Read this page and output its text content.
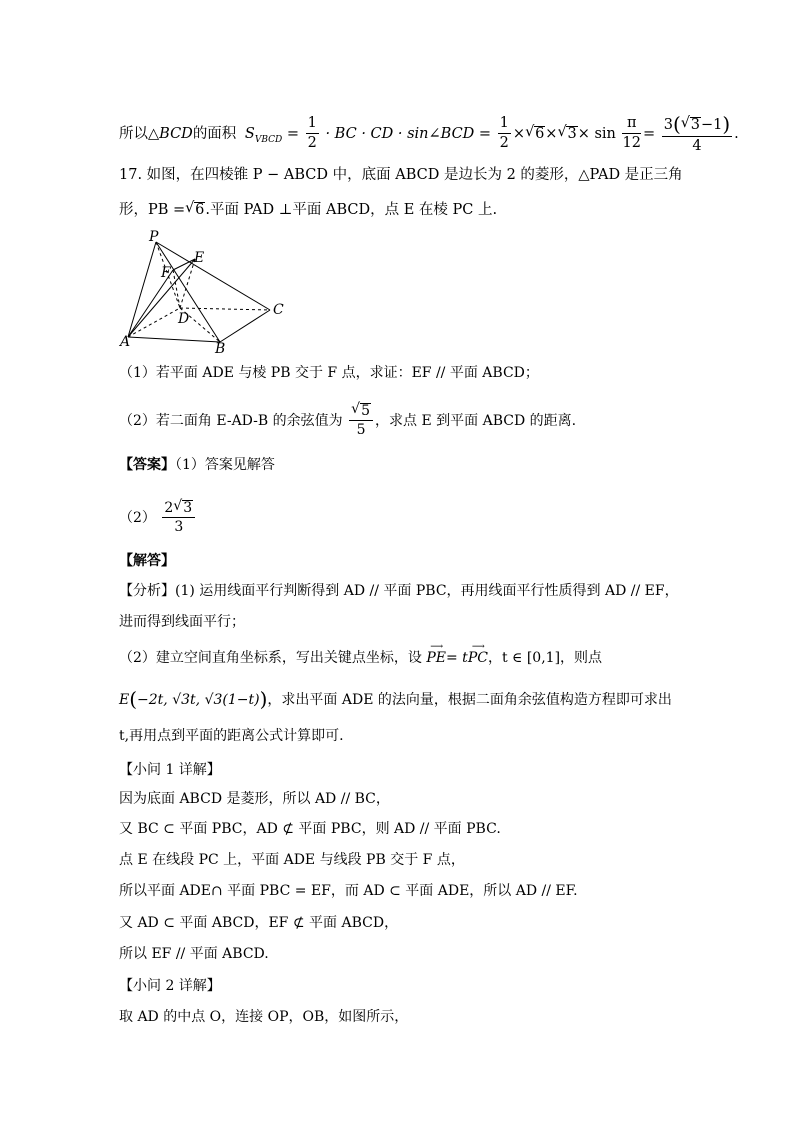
所以△BCD的面积 $S_{VBCD} = \frac{1}{2}$ · BC · CD · sin∠BCD = $\frac{1}{2}$ × √ 6× √ $3\times \sin \frac{\pi}{12} = \frac{3( √ 3-1)}{4}$ .
17. 如图，在四棱锥 P − ABCD 中，底面 ABCD 是边长为 2 的菱形，△PAD 是正三角
形，PB = √ 6.平面 PAD ⊥平面 ABCD，点 E 在棱 PC 上.
P
E
F
D
C
A	B
（1）若平面 ADE 与棱 PB 交于 F 点，求证：EF // 平面 ABCD；
（2）若二面角 E-AD-B 的余弦值为 √ $\frac{5}{5}$ ，求点 E 到平面 ABCD 的距离.
【答案】（1）答案见解答
$(2) \frac{2 √ 3}{3}$
【解答】
【分析】(1) 运用线面平行判断得到 AD // 平面 PBC，再用线面平行性质得到 AD // EF，
进而得到线面平行；
（2）建立空间直角坐标系，写出关键点坐标，设
⟶
PE= t
⟶
PC，t ∈ [0,1]，则点
E(−2t, √3t, √3(1−t))，求出平面 ADE 的法向量，根据二面角余弦值构造方程即可求出
t,再用点到平面的距离公式计算即可.
【小问 1 详解】
因为底面 ABCD 是菱形，所以 AD // BC，
又 BC ⊂ 平面 PBC，AD ⊄ 平面 PBC，则 AD // 平面 PBC.
点 E 在线段 PC 上，平面 ADE 与线段 PB 交于 F 点，
所以平面 ADE∩ 平面 PBC = EF，而 AD ⊂ 平面 ADE，所以 AD // EF.
又 AD ⊂ 平面 ABCD，EF ⊄ 平面 ABCD，
所以 EF // 平面 ABCD.
【小问 2 详解】
取 AD 的中点 O，连接 OP，OB，如图所示，
